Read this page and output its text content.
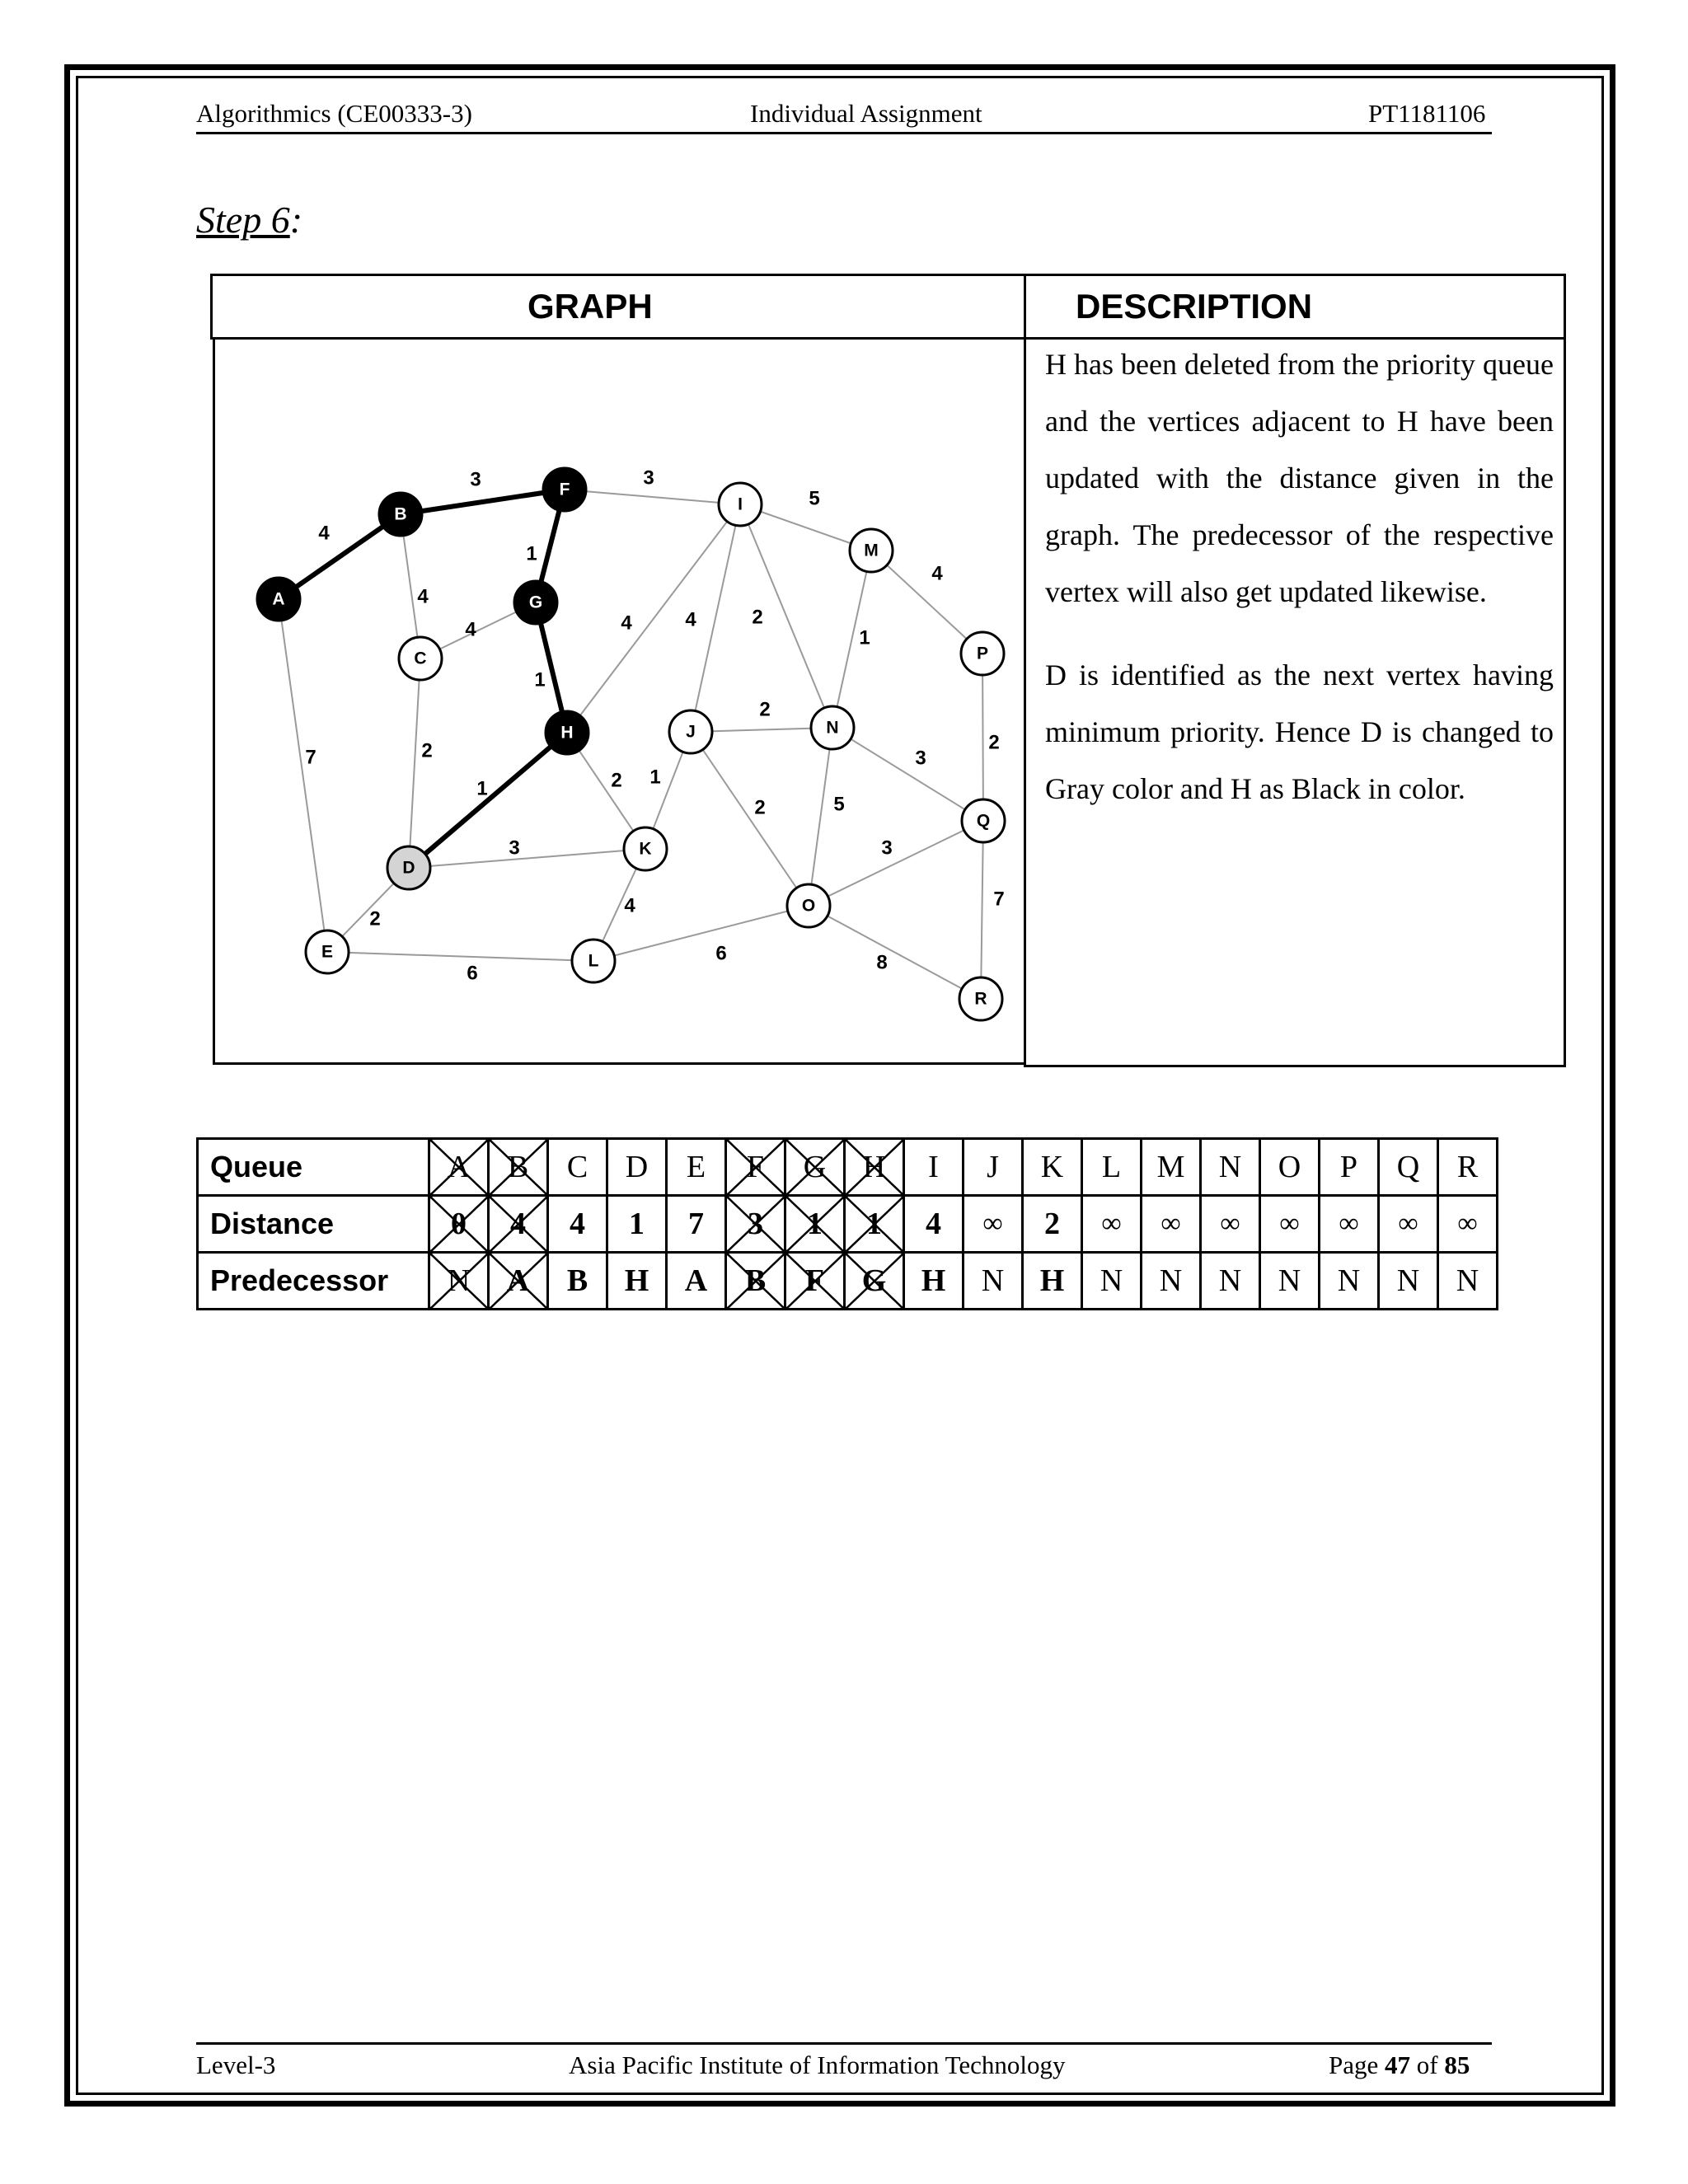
Algorithmics (CE00333-3)	Individual Assignment	PT1181106
Step 6:
GRAPH	DESCRIPTION
4
3
1
1
1
7
4
4
2
2
3
6
3
4
2
4	2
5
1
4
2
2
1
2	5
3
4
6
3
8
7
A
B
F
G
H
D
C
E
I
J
K
L
M
N
O
P
Q
R

H has been deleted from the priority queue and the vertices adjacent to H have been updated with the distance given in the graph. The predecessor of the respective vertex will also get updated likewise.

D is identified as the next vertex having minimum priority. Hence D is changed to Gray color and H as Black in color.

Queue	A	B	C	D	E	F	G	H	I	J	K	L	M	N	O	P	Q	R
Distance	0	4	4	1	7	3	1	1	4	∞	2	∞	∞	∞	∞	∞	∞	∞
Predecessor	N	A	B	H	A	B	F	G	H	N	H	N	N	N	N	N	N	N
Level-3	Asia Pacific Institute of Information Technology	Page 47 of 85
